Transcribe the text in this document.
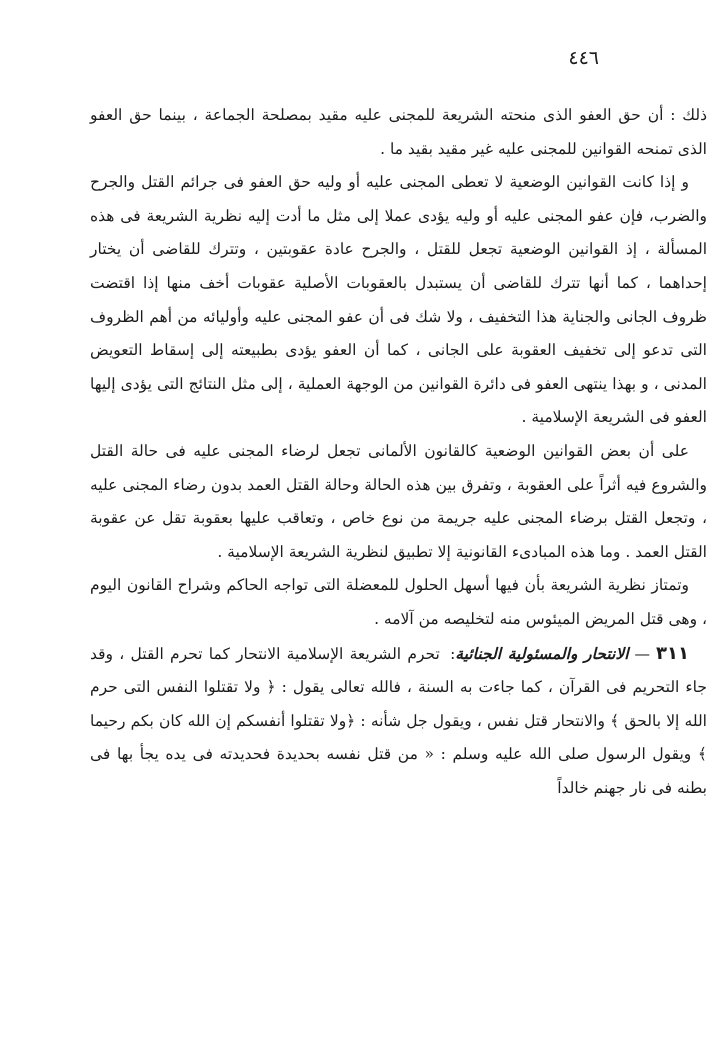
٤٤٦

ذلك : أن حق العفو الذى منحته الشريعة للمجنى عليه مقيد بمصلحة الجماعة ، بينما حق العفو الذى تمنحه القوانين للمجنى عليه غير مقيد بقيد ما .

و إذا كانت القوانين الوضعية لا تعطى المجنى عليه أو وليه حق العفو فى جرائم القتل والجرح والضرب، فإن عفو المجنى عليه أو وليه يؤدى عملا إلى مثل ما أدت إليه نظرية الشريعة فى هذه المسألة ، إذ القوانين الوضعية تجعل للقتل ، والجرح عادة عقوبتين ، وتترك للقاضى أن يختار إحداهما ، كما أنها تترك للقاضى أن يستبدل بالعقوبات الأصلية عقوبات أخف منها إذا اقتضت ظروف الجانى والجناية هذا التخفيف ، ولا شك فى أن عفو المجنى عليه وأوليائه من أهم الظروف التى تدعو إلى تخفيف العقوبة على الجانى ، كما أن العفو يؤدى بطبيعته إلى إسقاط التعويض المدنى ، و بهذا ينتهى العفو فى دائرة القوانين من الوجهة العملية ، إلى مثل النتائج التى يؤدى إليها العفو فى الشريعة الإسلامية .

على أن بعض القوانين الوضعية كالقانون الألمانى تجعل لرضاء المجنى عليه فى حالة القتل والشروع فيه أثراً على العقوبة ، وتفرق بين هذه الحالة وحالة القتل العمد بدون رضاء المجنى عليه ، وتجعل القتل برضاء المجنى عليه جريمة من نوع خاص ، وتعاقب عليها بعقوبة تقل عن عقوبة القتل العمد . وما هذه المبادىء القانونية إلا تطبيق لنظرية الشريعة الإسلامية .

وتمتاز نظرية الشريعة بأن فيها أسهل الحلول للمعضلة التى تواجه الحاكم وشراح القانون اليوم ، وهى قتل المريض الميئوس منه لتخليصه من آلامه .

٣١١—الانتحار والمسئولية الجنائية: تحرم الشريعة الإسلامية الانتحار كما تحرم القتل ، وقد جاء التحريم فى القرآن ، كما جاءت به السنة ، فالله تعالى يقول : ﴿ ولا تقتلوا النفس التى حرم الله إلا بالحق ﴾ والانتحار قتل نفس ، ويقول جل شأنه : ﴿ولا تقتلوا أنفسكم إن الله كان بكم رحيما ﴾ ويقول الرسول صلى الله عليه وسلم : « من قتل نفسه بحديدة فحديدته فى يده يجأ بها فى بطنه فى نار جهنم خالداً
